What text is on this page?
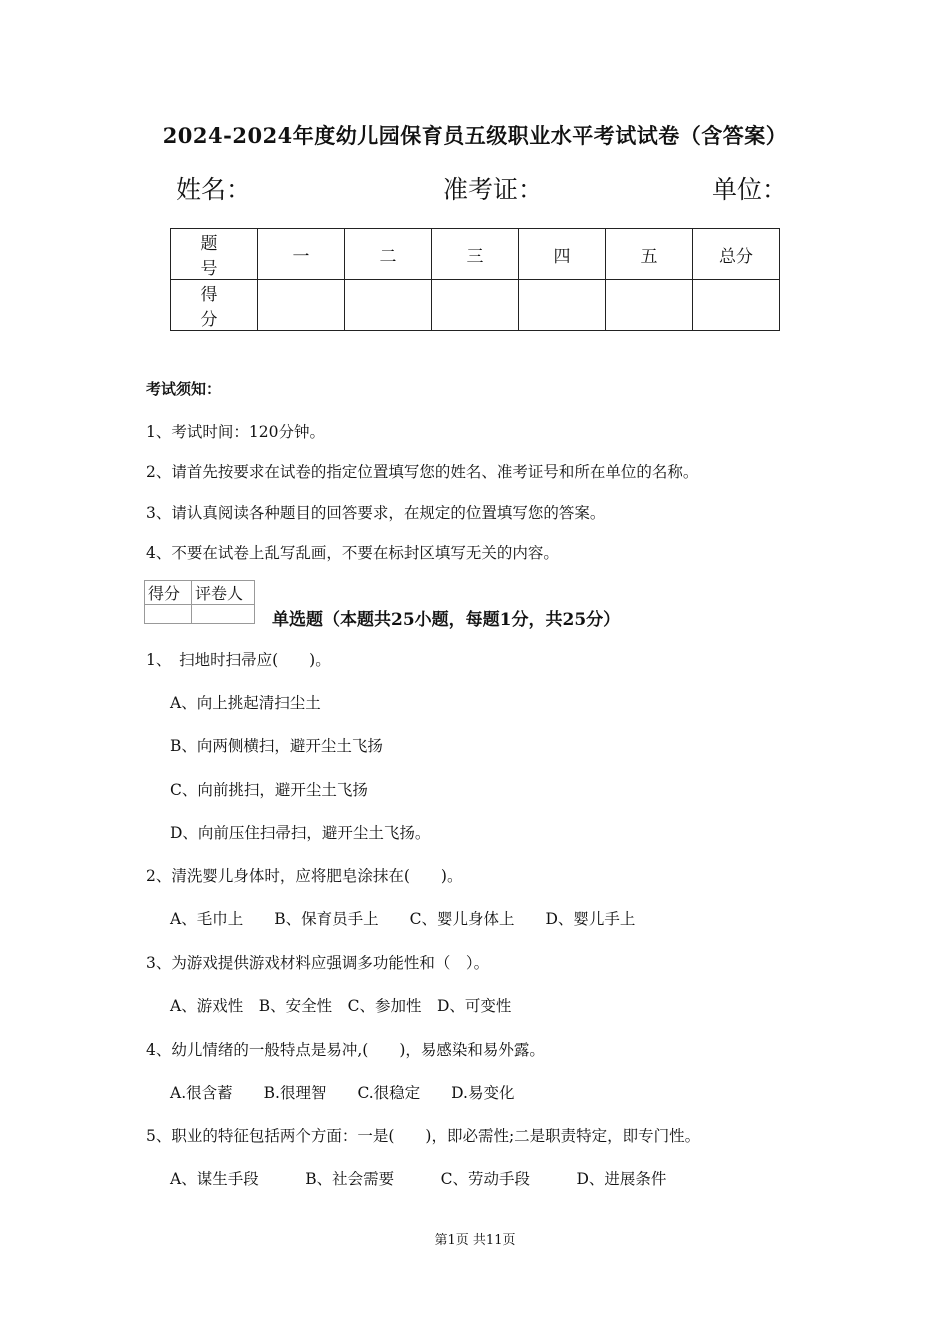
2024-2024年度幼儿园保育员五级职业水平考试试卷（含答案）
姓名：	准考证：	单位：
题　号	一	二	三	四	五	总分
得　分						
考试须知：
1、考试时间：120分钟。
2、请首先按要求在试卷的指定位置填写您的姓名、准考证号和所在单位的名称。
3、请认真阅读各种题目的回答要求，在规定的位置填写您的答案。
4、不要在试卷上乱写乱画，不要在标封区填写无关的内容。
得分	评卷人

单选题（本题共25小题，每题1分，共25分）
1、　扫地时扫帚应(　　)。
A、向上挑起清扫尘土
B、向两侧横扫，避开尘土飞扬
C、向前挑扫，避开尘土飞扬
D、向前压住扫帚扫，避开尘土飞扬。
2、清洗婴儿身体时，应将肥皂涂抹在(　　)。
A、毛巾上　　B、保育员手上　　C、婴儿身体上　　D、婴儿手上
3、为游戏提供游戏材料应强调多功能性和（　）。
A、游戏性　B、安全性　C、参加性　D、可变性
4、幼儿情绪的一般特点是易冲,(　　)，易感染和易外露。
A.很含蓄　　B.很理智　　C.很稳定　　D.易变化
5、职业的特征包括两个方面：一是(　　)，即必需性;二是职责特定，即专门性。
A、谋生手段　　　B、社会需要　　　C、劳动手段　　　D、进展条件
第1页 共11页
